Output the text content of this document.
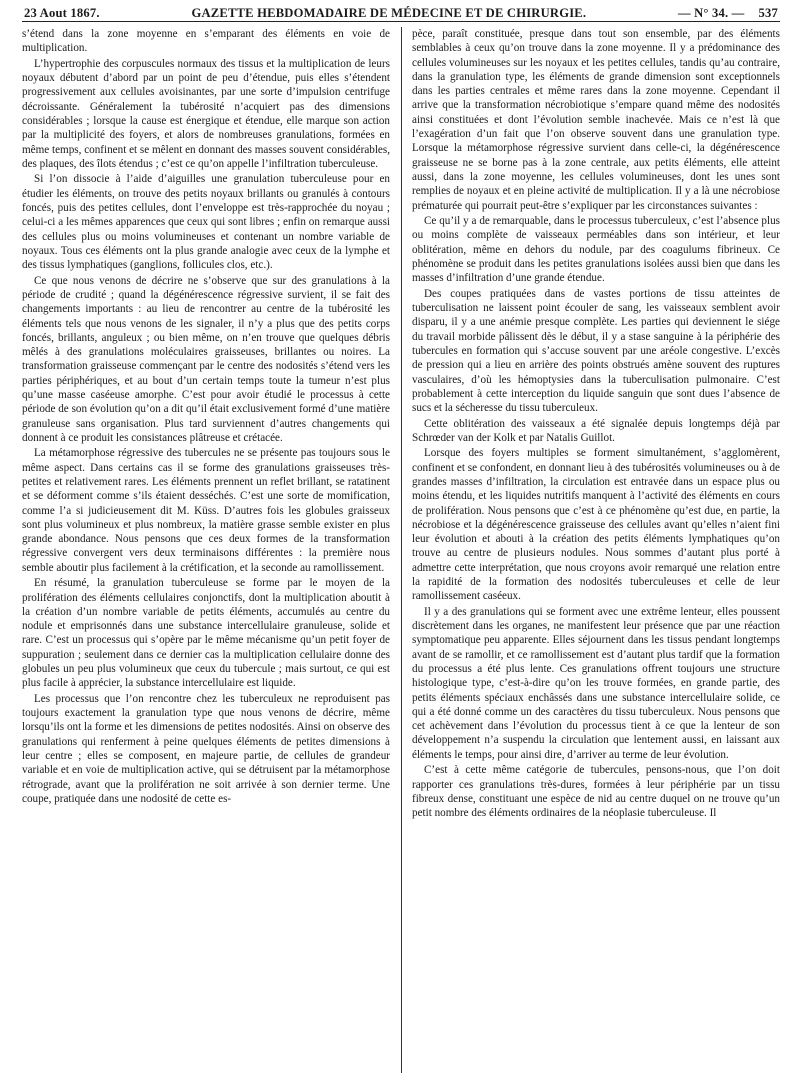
23 Aout 1867.	GAZETTE HEBDOMADAIRE DE MÉDECINE ET DE CHIRURGIE.	— N° 34. — 537

s’étend dans la zone moyenne en s’emparant des éléments en voie de multiplication.

L’hypertrophie des corpuscules normaux des tissus et la multiplication de leurs noyaux débutent d’abord par un point de peu d’étendue, puis elles s’étendent progressivement aux cellules avoisinantes, par une sorte d’impulsion centrifuge décroissante. Généralement la tubérosité n’acquiert pas des dimensions considérables ; lorsque la cause est énergique et étendue, elle marque son action par la multiplicité des foyers, et alors de nombreuses granulations, formées en même temps, confinent et se mêlent en donnant des masses souvent considérables, des plaques, des îlots étendus ; c’est ce qu’on appelle l’infiltration tuberculeuse.

Si l’on dissocie à l’aide d’aiguilles une granulation tuberculeuse pour en étudier les éléments, on trouve des petits noyaux brillants ou granulés à contours foncés, puis des petites cellules, dont l’enveloppe est très-rapprochée du noyau ; celui-ci a les mêmes apparences que ceux qui sont libres ; enfin on remarque aussi des cellules plus ou moins volumineuses et contenant un nombre variable de noyaux. Tous ces éléments ont la plus grande analogie avec ceux de la lymphe et des tissus lymphatiques (ganglions, follicules clos, etc.).

Ce que nous venons de décrire ne s’observe que sur des granulations à la période de crudité ; quand la dégénérescence régressive survient, il se fait des changements importants : au lieu de rencontrer au centre de la tubérosité les éléments tels que nous venons de les signaler, il n’y a plus que des petits corps foncés, brillants, anguleux ; ou bien même, on n’en trouve que quelques débris mêlés à des granulations moléculaires graisseuses, brillantes ou noires. La transformation graisseuse commençant par le centre des nodosités s’étend vers les parties périphériques, et au bout d’un certain temps toute la tumeur n’est plus qu’une masse caséeuse amorphe. C’est pour avoir étudié le processus à cette période de son évolution qu’on a dit qu’il était exclusivement formé d’une matière granuleuse sans organisation. Plus tard surviennent d’autres changements qui donnent à ce produit les consistances plâtreuse et crétacée.

La métamorphose régressive des tubercules ne se présente pas toujours sous le même aspect. Dans certains cas il se forme des granulations graisseuses très-petites et relativement rares. Les éléments prennent un reflet brillant, se ratatinent et se déforment comme s’ils étaient desséchés. C’est une sorte de momification, comme l’a si judicieusement dit M. Küss. D’autres fois les globules graisseux sont plus volumineux et plus nombreux, la matière grasse semble exister en plus grande abondance. Nous pensons que ces deux formes de la transformation régressive convergent vers deux terminaisons différentes : la première nous semble aboutir plus facilement à la crétification, et la seconde au ramollissement.

En résumé, la granulation tuberculeuse se forme par le moyen de la prolifération des éléments cellulaires conjonctifs, dont la multiplication aboutit à la création d’un nombre variable de petits éléments, accumulés au centre du nodule et emprisonnés dans une substance intercellulaire granuleuse, solide et rare. C’est un processus qui s’opère par le même mécanisme qu’un petit foyer de suppuration ; seulement dans ce dernier cas la multiplication cellulaire donne des globules un peu plus volumineux que ceux du tubercule ; mais surtout, ce qui est plus facile à apprécier, la substance intercellulaire est liquide.

Les processus que l’on rencontre chez les tuberculeux ne reproduisent pas toujours exactement la granulation type que nous venons de décrire, même lorsqu’ils ont la forme et les dimensions de petites nodosités. Ainsi on observe des granulations qui renferment à peine quelques éléments de petites dimensions à leur centre ; elles se composent, en majeure partie, de cellules de grandeur variable et en voie de multiplication active, qui se détruisent par la métamorphose rétrograde, avant que la prolifération ne soit arrivée à son dernier terme. Une coupe, pratiquée dans une nodosité de cette es-

pèce, paraît constituée, presque dans tout son ensemble, par des éléments semblables à ceux qu’on trouve dans la zone moyenne. Il y a prédominance des cellules volumineuses sur les noyaux et les petites cellules, tandis qu’au contraire, dans la granulation type, les éléments de grande dimension sont exceptionnels dans les parties centrales et même rares dans la zone moyenne. Cependant il arrive que la transformation nécrobiotique s’empare quand même des nodosités ainsi constituées et dont l’évolution semble inachevée. Mais ce n’est là que l’exagération d’un fait que l’on observe souvent dans une granulation type. Lorsque la métamorphose régressive survient dans celle-ci, la dégénérescence graisseuse ne se borne pas à la zone centrale, aux petits éléments, elle atteint aussi, dans la zone moyenne, les cellules volumineuses, dont les unes sont remplies de noyaux et en pleine activité de multiplication. Il y a là une nécrobiose prématurée qui pourrait peut-être s’expliquer par les circonstances suivantes :

Ce qu’il y a de remarquable, dans le processus tuberculeux, c’est l’absence plus ou moins complète de vaisseaux perméables dans son intérieur, et leur oblitération, même en dehors du nodule, par des coagulums fibrineux. Ce phénomène se produit dans les petites granulations isolées aussi bien que dans les masses d’infiltration d’une grande étendue.

Des coupes pratiquées dans de vastes portions de tissu atteintes de tuberculisation ne laissent point écouler de sang, les vaisseaux semblent avoir disparu, il y a une anémie presque complète. Les parties qui deviennent le siége du travail morbide pâlissent dès le début, il y a stase sanguine à la périphérie des tubercules en formation qui s’accuse souvent par une aréole congestive. L’excès de pression qui a lieu en arrière des points obstrués amène souvent des ruptures vasculaires, d’où les hémoptysies dans la tuberculisation pulmonaire. C’est probablement à cette interception du liquide sanguin que sont dues l’absence de sucs et la sécheresse du tissu tuberculeux.

Cette oblitération des vaisseaux a été signalée depuis longtemps déjà par Schrœder van der Kolk et par Natalis Guillot.

Lorsque des foyers multiples se forment simultanément, s’agglomèrent, confinent et se confondent, en donnant lieu à des tubérosités volumineuses ou à de grandes masses d’infiltration, la circulation est entravée dans un espace plus ou moins étendu, et les liquides nutritifs manquent à l’activité des éléments en cours de prolifération. Nous pensons que c’est à ce phénomène qu’est due, en partie, la nécrobiose et la dégénérescence graisseuse des cellules avant qu’elles n’aient fini leur évolution et abouti à la création des petits éléments lymphatiques qu’on trouve au centre de plusieurs nodules. Nous sommes d’autant plus porté à admettre cette interprétation, que nous croyons avoir remarqué une relation entre la rapidité de la formation des nodosités tuberculeuses et celle de leur ramollissement caséeux.

Il y a des granulations qui se forment avec une extrême lenteur, elles poussent discrètement dans les organes, ne manifestent leur présence que par une réaction symptomatique peu apparente. Elles séjournent dans les tissus pendant longtemps avant de se ramollir, et ce ramollissement est d’autant plus tardif que la formation du processus a été plus lente. Ces granulations offrent toujours une structure histologique type, c’est-à-dire qu’on les trouve formées, en grande partie, des petits éléments spéciaux enchâssés dans une substance intercellulaire solide, ce qui a été donné comme un des caractères du tissu tuberculeux. Nous pensons que cet achèvement dans l’évolution du processus tient à ce que la lenteur de son développement n’a suspendu la circulation que lentement aussi, en laissant aux éléments le temps, pour ainsi dire, d’arriver au terme de leur évolution.

C’est à cette même catégorie de tubercules, pensons-nous, que l’on doit rapporter ces granulations très-dures, formées à leur périphérie par un tissu fibreux dense, constituant une espèce de nid au centre duquel on ne trouve qu’un petit nombre des éléments ordinaires de la néoplasie tuberculeuse. Il
